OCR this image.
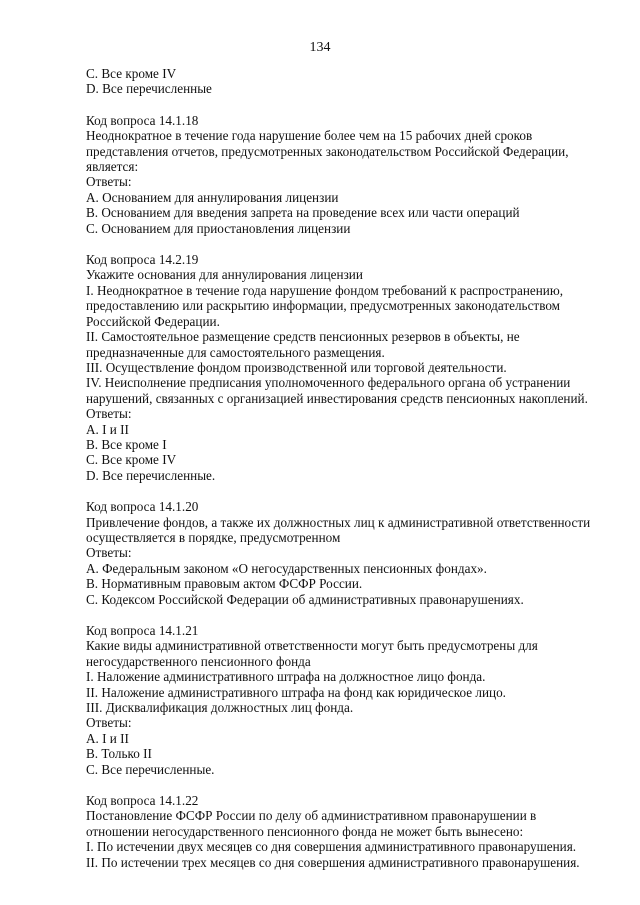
134
C. Все кроме IV
D. Все перечисленные
Код вопроса 14.1.18
Неоднократное в течение года нарушение более чем на 15 рабочих дней сроков
представления отчетов, предусмотренных законодательством Российской Федерации,
является:
Ответы:
А. Основанием для аннулирования лицензии
В. Основанием для введения запрета на проведение всех или части операций
С. Основанием для приостановления лицензии
Код вопроса 14.2.19
Укажите основания для аннулирования лицензии
I. Неоднократное в течение года нарушение фондом требований к распространению,
предоставлению или раскрытию информации, предусмотренных законодательством
Российской Федерации.
II. Самостоятельное размещение средств пенсионных резервов в объекты, не
предназначенные для самостоятельного размещения.
III. Осуществление фондом производственной или торговой деятельности.
IV. Неисполнение предписания уполномоченного федерального органа об устранении
нарушений, связанных с организацией инвестирования средств пенсионных накоплений.
Ответы:
А. I и II
В. Все кроме I
С. Все кроме IV
D. Все перечисленные.
Код вопроса 14.1.20
Привлечение фондов, а также их должностных лиц к административной ответственности
осуществляется в порядке, предусмотренном
Ответы:
А. Федеральным законом «О негосударственных пенсионных фондах».
В. Нормативным правовым актом ФСФР России.
С. Кодексом Российской Федерации об административных правонарушениях.
Код вопроса 14.1.21
Какие виды административной ответственности могут быть предусмотрены для
негосударственного пенсионного фонда
I. Наложение административного штрафа на должностное лицо фонда.
II. Наложение административного штрафа на фонд как юридическое лицо.
III. Дисквалификация должностных лиц фонда.
Ответы:
А. I и II
В. Только II
С. Все перечисленные.
Код вопроса 14.1.22
Постановление ФСФР России по делу об административном правонарушении в
отношении негосударственного пенсионного фонда не может быть вынесено:
I. По истечении двух месяцев со дня совершения административного правонарушения.
II. По истечении трех месяцев со дня совершения административного правонарушения.
